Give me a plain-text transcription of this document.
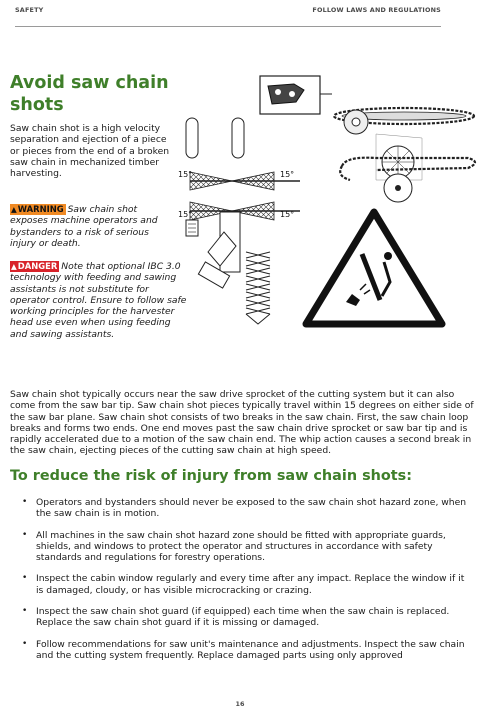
SAFETY	FOLLOW LAWS AND REGULATIONS
Avoid saw chain shots

Saw chain shot is a high velocity separation and ejection of a piece or pieces from the end of a broken saw chain in mechanized timber harvesting.

▲WARNING Saw chain shot exposes machine operators and bystanders to a risk of serious injury or death.

▲DANGER Note that optional IBC 3.0 technology with feeding and sawing assistants is not substitute for operator control. Ensure to follow safe working principles for the harvester head use even when using feeding and sawing assistants.

15°	15°
15°	15°

Saw chain shot typically occurs near the saw drive sprocket of the cutting system but it can also come from the saw bar tip. Saw chain shot pieces typically travel within 15 degrees on either side of the saw bar plane. Saw chain shot consists of two breaks in the saw chain. First, the saw chain loop breaks and forms two ends. One end moves past the saw chain drive sprocket or saw bar tip and is rapidly accelerated due to a motion of the saw chain end. The whip action causes a second break in the saw chain, ejecting pieces of the cutting saw chain at high speed.

To reduce the risk of injury from saw chain shots:
• Operators and bystanders should never be exposed to the saw chain shot hazard zone, when the saw chain is in motion.
• All machines in the saw chain shot hazard zone should be fitted with appropriate guards, shields, and windows to protect the operator and structures in accordance with safety standards and regulations for forestry operations.
• Inspect the cabin window regularly and every time after any impact. Replace the window if it is damaged, cloudy, or has visible microcracking or crazing.
• Inspect the saw chain shot guard (if equipped) each time when the saw chain is replaced. Replace the saw chain shot guard if it is missing or damaged.
• Follow recommendations for saw unit's maintenance and adjustments. Inspect the saw chain and the cutting system frequently. Replace damaged parts using only approved
16
